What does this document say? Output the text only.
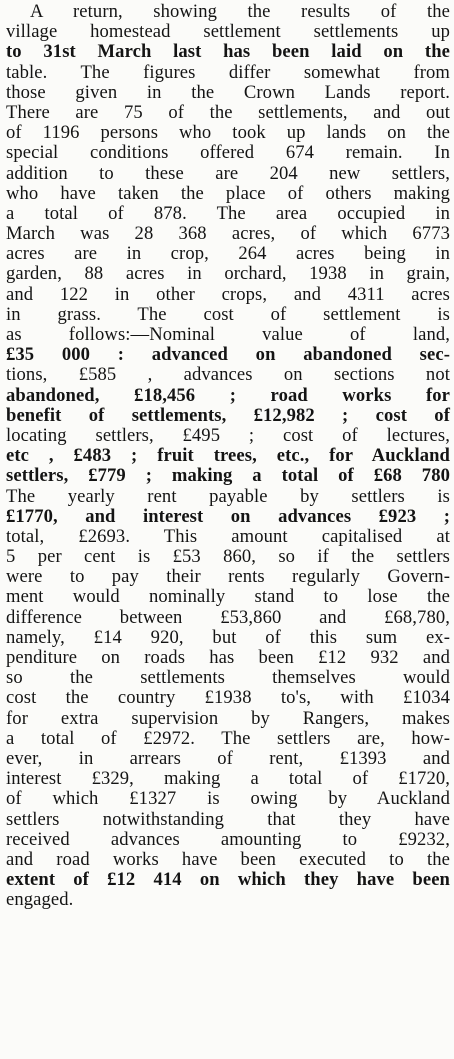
A return, showing the results of the
village homestead settlement settlements up
to 31st March last has been laid on the
table. The figures differ somewhat from
those given in the Crown Lands report.
There are 75 of the settlements, and out
of 1196 persons who took up lands on the
special conditions offered 674 remain. In
addition to these are 204 new settlers,
who have taken the place of others making
a total of 878. The area occupied in
March was 28 368 acres, of which 6773
acres are in crop, 264 acres being in
garden, 88 acres in orchard, 1938 in grain,
and 122 in other crops, and 4311 acres
in grass. The cost of settlement is
as follows:—Nominal value of land,
£35 000 : advanced on abandoned sec-
tions, £585 , advances on sections not
abandoned, £18,456 ; road works for
benefit of settlements, £12,982 ; cost of
locating settlers, £495 ; cost of lectures,
etc , £483 ; fruit trees, etc., for Auckland
settlers, £779 ; making a total of £68 780
The yearly rent payable by settlers is
£1770, and interest on advances £923 ;
total, £2693. This amount capitalised at
5 per cent is £53 860, so if the settlers
were to pay their rents regularly Govern-
ment would nominally stand to lose the
difference between £53,860 and £68,780,
namely, £14 920, but of this sum ex-
penditure on roads has been £12 932 and
so the settlements themselves would
cost the country £1938 to's, with £1034
for extra supervision by Rangers, makes
a total of £2972. The settlers are, how-
ever, in arrears of rent, £1393 and
interest £329, making a total of £1720,
of which £1327 is owing by Auckland
settlers notwithstanding that they have
received advances amounting to £9232,
and road works have been executed to the
extent of £12 414 on which they have been
engaged.
